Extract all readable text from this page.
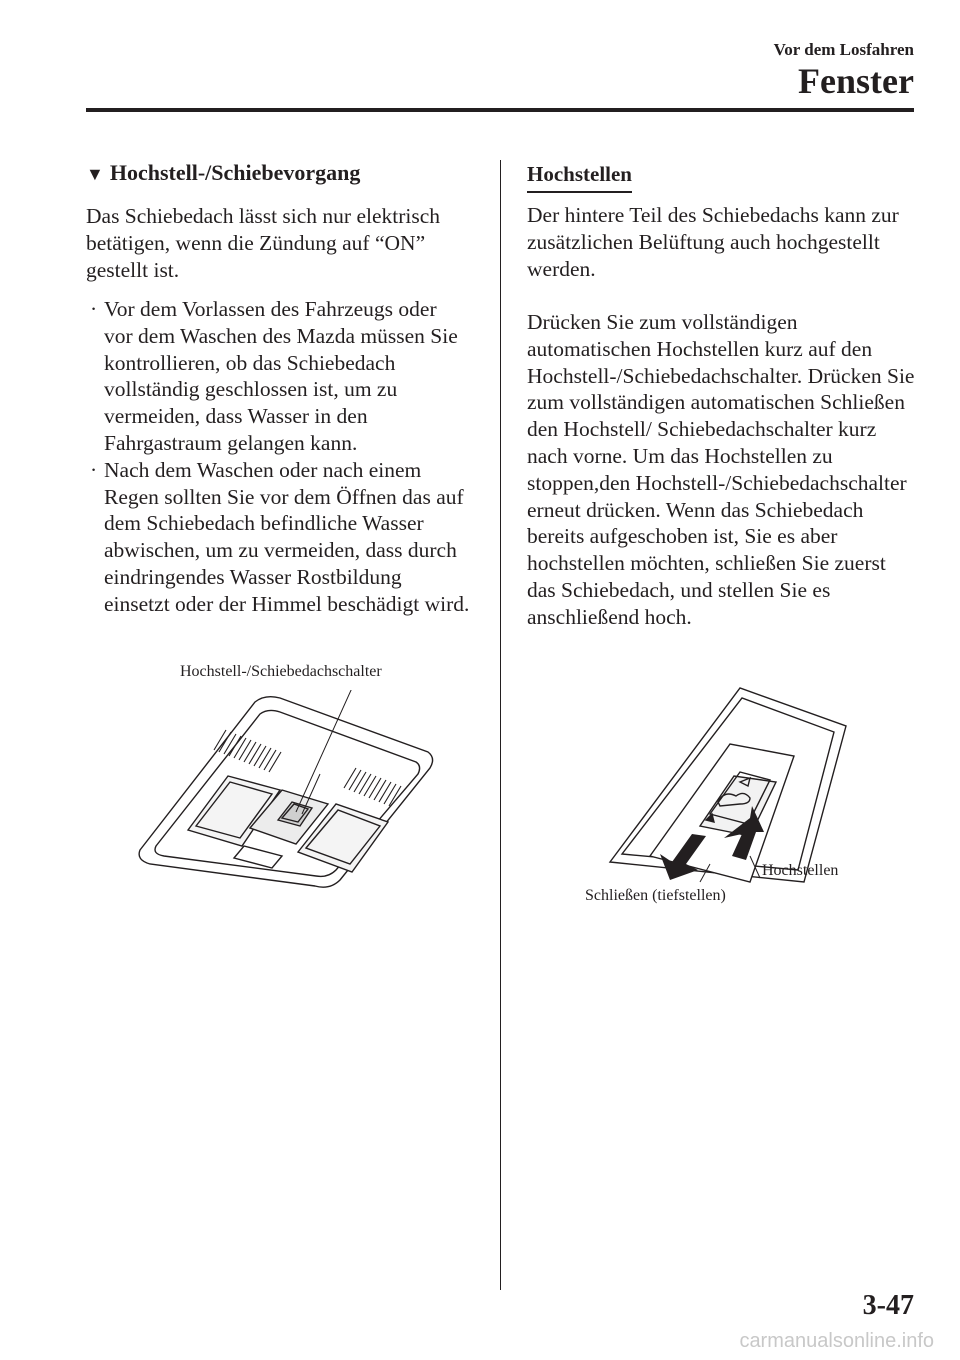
Vor dem Losfahren
Fenster
▼ Hochstell-/Schiebevorgang

Das Schiebedach lässt sich nur elektrisch betätigen, wenn die Zündung auf “ON” gestellt ist.

· Vor dem Vorlassen des Fahrzeugs oder vor dem Waschen des Mazda müssen Sie kontrollieren, ob das Schiebedach vollständig geschlossen ist, um zu vermeiden, dass Wasser in den Fahrgastraum gelangen kann.
· Nach dem Waschen oder nach einem Regen sollten Sie vor dem Öffnen das auf dem Schiebedach befindliche Wasser abwischen, um zu vermeiden, dass durch eindringendes Wasser Rostbildung einsetzt oder der Himmel beschädigt wird.
Hochstell-/Schiebedachschalter
Hochstellen

Der hintere Teil des Schiebedachs kann zur zusätzlichen Belüftung auch hochgestellt werden.

Drücken Sie zum vollständigen automatischen Hochstellen kurz auf den Hochstell-/Schiebedachschalter. Drücken Sie zum vollständigen automatischen Schließen den Hochstell/ Schiebedachschalter kurz nach vorne. Um das Hochstellen zu stoppen,den Hochstell-/Schiebedachschalter erneut drücken. Wenn das Schiebedach bereits aufgeschoben ist, Sie es aber hochstellen möchten, schließen Sie zuerst das Schiebedach, und stellen Sie es anschließend hoch.

Schließen (tiefstellen)
Hochstellen
3-47
carmanualsonline.info
